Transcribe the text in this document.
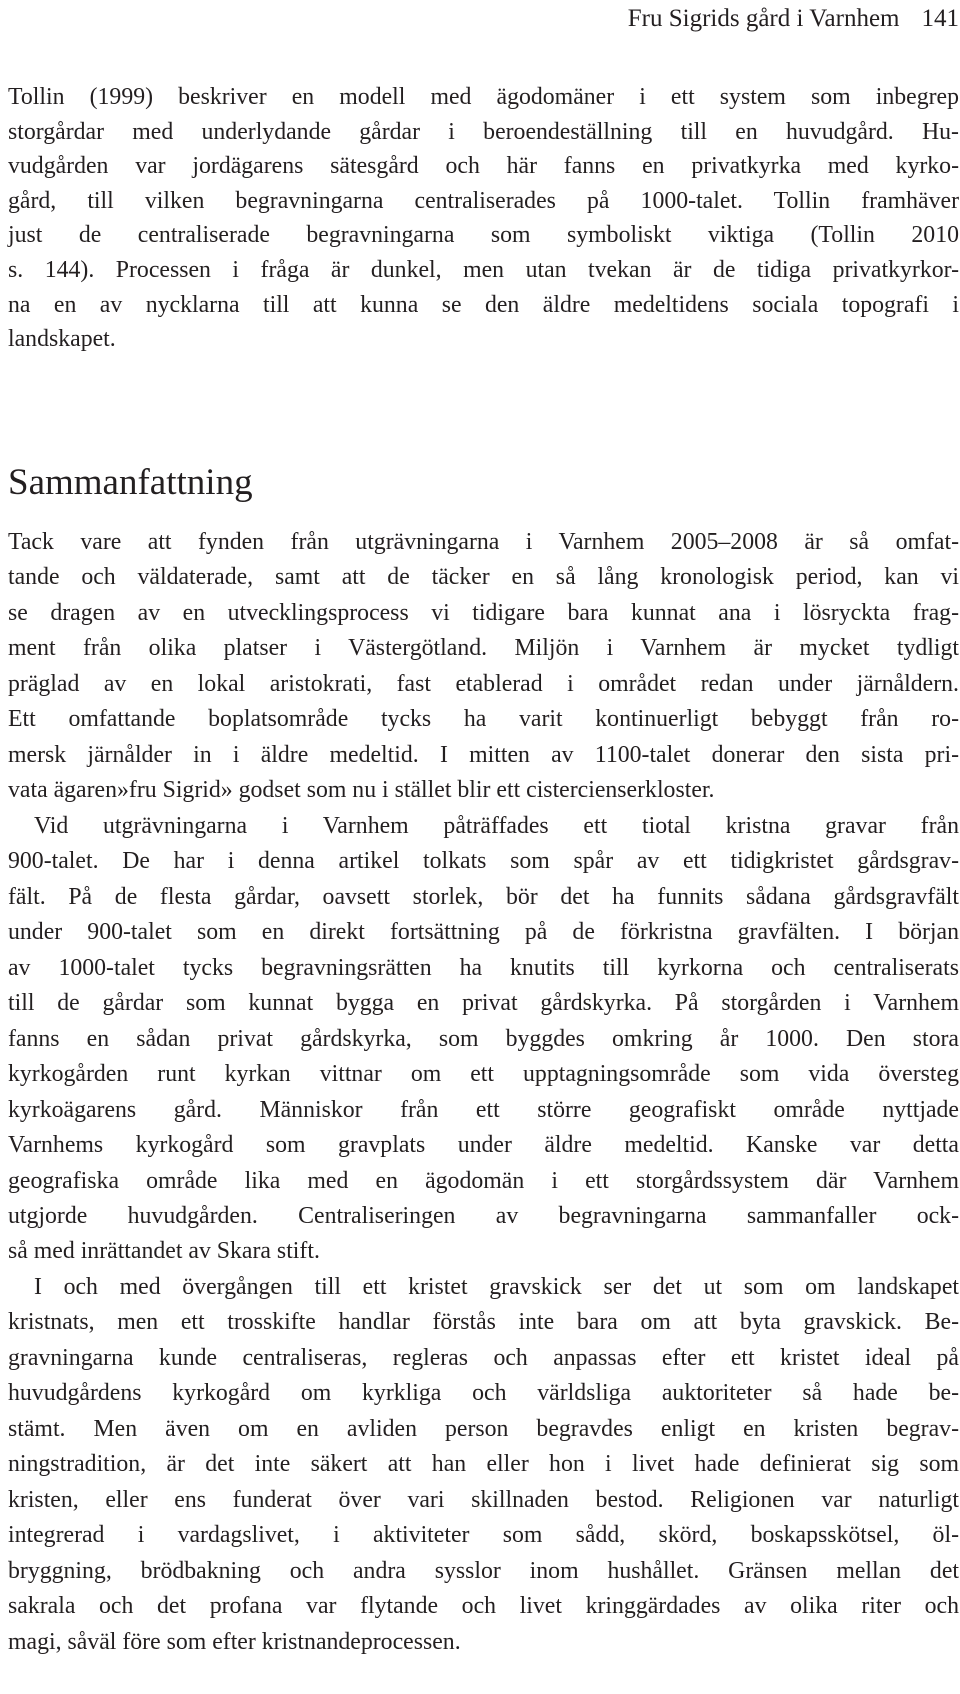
Fru Sigrids gård i Varnhem 141

Tollin (1999) beskriver en modell med ägodomäner i ett system som inbegrep
storgårdar med underlydande gårdar i beroendeställning till en huvudgård. Hu-
vudgården var jordägarens sätesgård och här fanns en privatkyrka med kyrko-
gård, till vilken begravningarna centraliserades på 1000-talet. Tollin framhäver
just de centraliserade begravningarna som symboliskt viktiga (Tollin 2010
s. 144). Processen i fråga är dunkel, men utan tvekan är de tidiga privatkyrkor-
na en av nycklarna till att kunna se den äldre medeltidens sociala topografi i
landskapet.

Sammanfattning

Tack vare att fynden från utgrävningarna i Varnhem 2005–2008 är så omfat-
tande och väldaterade, samt att de täcker en så lång kronologisk period, kan vi
se dragen av en utvecklingsprocess vi tidigare bara kunnat ana i lösryckta frag-
ment från olika platser i Västergötland. Miljön i Varnhem är mycket tydligt
präglad av en lokal aristokrati, fast etablerad i området redan under järnåldern.
Ett omfattande boplatsområde tycks ha varit kontinuerligt bebyggt från ro-
mersk järnålder in i äldre medeltid. I mitten av 1100-talet donerar den sista pri-
vata ägaren»fru Sigrid» godset som nu i stället blir ett cistercienserkloster.

Vid utgrävningarna i Varnhem påträffades ett tiotal kristna gravar från
900-talet. De har i denna artikel tolkats som spår av ett tidigkristet gårdsgrav-
fält. På de flesta gårdar, oavsett storlek, bör det ha funnits sådana gårdsgravfält
under 900-talet som en direkt fortsättning på de förkristna gravfälten. I början
av 1000-talet tycks begravningsrätten ha knutits till kyrkorna och centraliserats
till de gårdar som kunnat bygga en privat gårdskyrka. På storgården i Varnhem
fanns en sådan privat gårdskyrka, som byggdes omkring år 1000. Den stora
kyrkogården runt kyrkan vittnar om ett upptagningsområde som vida översteg
kyrkoägarens gård. Människor från ett större geografiskt område nyttjade
Varnhems kyrkogård som gravplats under äldre medeltid. Kanske var detta
geografiska område lika med en ägodomän i ett storgårdssystem där Varnhem
utgjorde huvudgården. Centraliseringen av begravningarna sammanfaller ock-
så med inrättandet av Skara stift.

I och med övergången till ett kristet gravskick ser det ut som om landskapet
kristnats, men ett trosskifte handlar förstås inte bara om att byta gravskick. Be-
gravningarna kunde centraliseras, regleras och anpassas efter ett kristet ideal på
huvudgårdens kyrkogård om kyrkliga och världsliga auktoriteter så hade be-
stämt. Men även om en avliden person begravdes enligt en kristen begrav-
ningstradition, är det inte säkert att han eller hon i livet hade definierat sig som
kristen, eller ens funderat över vari skillnaden bestod. Religionen var naturligt
integrerad i vardagslivet, i aktiviteter som sådd, skörd, boskapsskötsel, öl-
bryggning, brödbakning och andra sysslor inom hushållet. Gränsen mellan det
sakrala och det profana var flytande och livet kringgärdades av olika riter och
magi, såväl före som efter kristnandeprocessen.
